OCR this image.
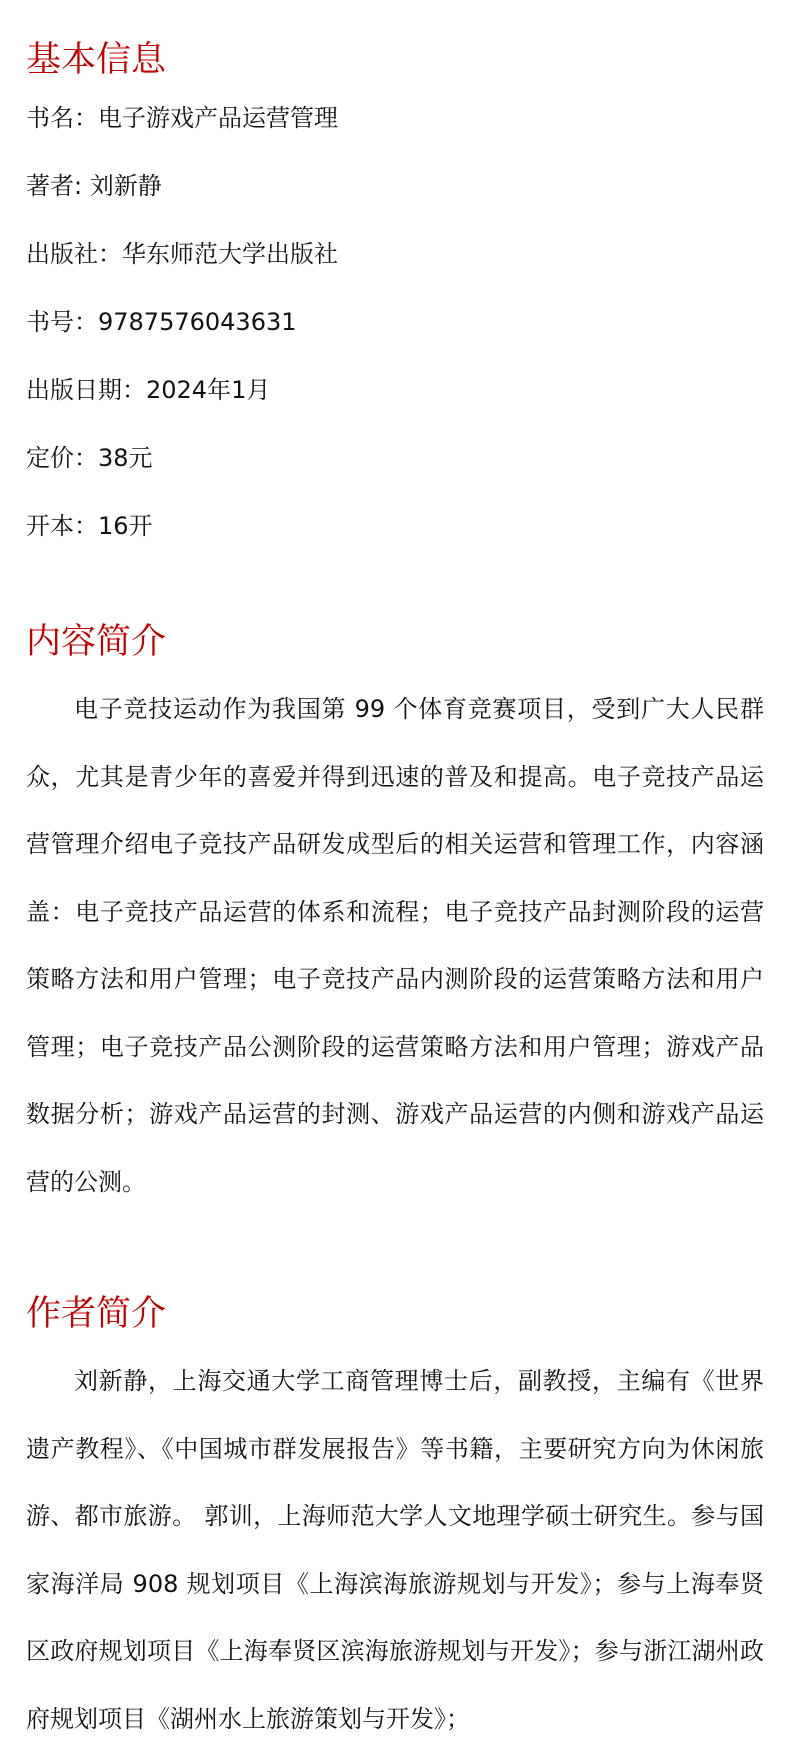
基本信息
书名：电子游戏产品运营管理
著者: 刘新静
出版社：华东师范大学出版社
书号：9787576043631
出版日期：2024年1月
定价：38元
开本：16开
内容简介

电子竞技运动作为我国第 99 个体育竞赛项目，受到广大人民群众，尤其是青少年的喜爱并得到迅速的普及和提高。电子竞技产品运营管理介绍电子竞技产品研发成型后的相关运营和管理工作，内容涵盖：电子竞技产品运营的体系和流程；电子竞技产品封测阶段的运营策略方法和用户管理；电子竞技产品内测阶段的运营策略方法和用户管理；电子竞技产品公测阶段的运营策略方法和用户管理；游戏产品数据分析；游戏产品运营的封测、游戏产品运营的内侧和游戏产品运营的公测。

作者简介

刘新静，上海交通大学工商管理博士后，副教授，主编有《世界遗产教程》、《中国城市群发展报告》等书籍，主要研究方向为休闲旅游、都市旅游。 郭训，上海师范大学人文地理学硕士研究生。参与国家海洋局 908 规划项目《上海滨海旅游规划与开发》；参与上海奉贤区政府规划项目《上海奉贤区滨海旅游规划与开发》；参与浙江湖州政府规划项目《湖州水上旅游策划与开发》；
